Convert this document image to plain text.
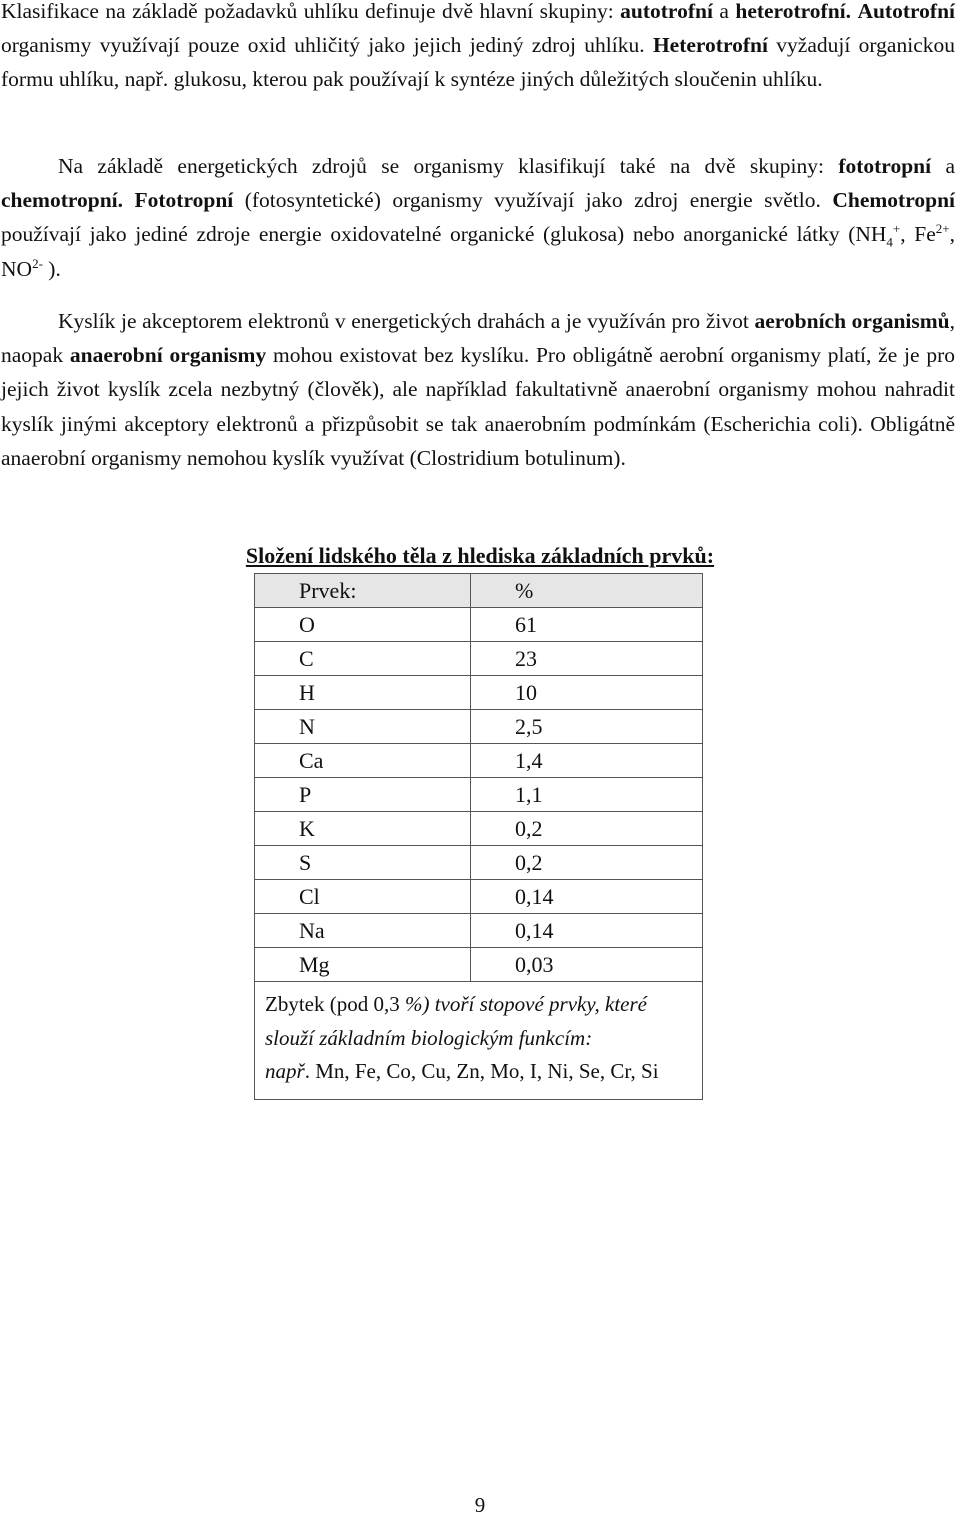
Klasifikace na základě požadavků uhlíku definuje dvě hlavní skupiny: autotrofní a heterotrofní. Autotrofní organismy využívají pouze oxid uhličitý jako jejich jediný zdroj uhlíku. Heterotrofní vyžadují organickou formu uhlíku, např. glukosu, kterou pak používají k syntéze jiných důležitých sloučenin uhlíku.

Na základě energetických zdrojů se organismy klasifikují také na dvě skupiny: fototropní a chemotropní. Fototropní (fotosyntetické) organismy využívají jako zdroj energie světlo. Chemotropní používají jako jediné zdroje energie oxidovatelné organické (glukosa) nebo anorganické látky ($NH_4^+$, $Fe^{2+}$, $NO^{2-}$ ).

Kyslík je akceptorem elektronů v energetických drahách a je využíván pro život aerobních organismů, naopak anaerobní organismy mohou existovat bez kyslíku. Pro obligátně aerobní organismy platí, že je pro jejich život kyslík zcela nezbytný (člověk), ale například fakultativně anaerobní organismy mohou nahradit kyslík jinými akceptory elektronů a přizpůsobit se tak anaerobním podmínkám (Escherichia coli). Obligátně anaerobní organismy nemohou kyslík využívat (Clostridium botulinum).

Složení lidského těla z hlediska základních prvků:

Prvek:	%
O	61
C	23
H	10
N	2,5
Ca	1,4
P	1,1
K	0,2
S	0,2
Cl	0,14
Na	0,14
Mg	0,03
Zbytek (pod 0,3 %) tvoří stopové prvky, které slouží základním biologickým funkcím:
např. Mn, Fe, Co, Cu, Zn, Mo, I, Ni, Se, Cr, Si	
9
